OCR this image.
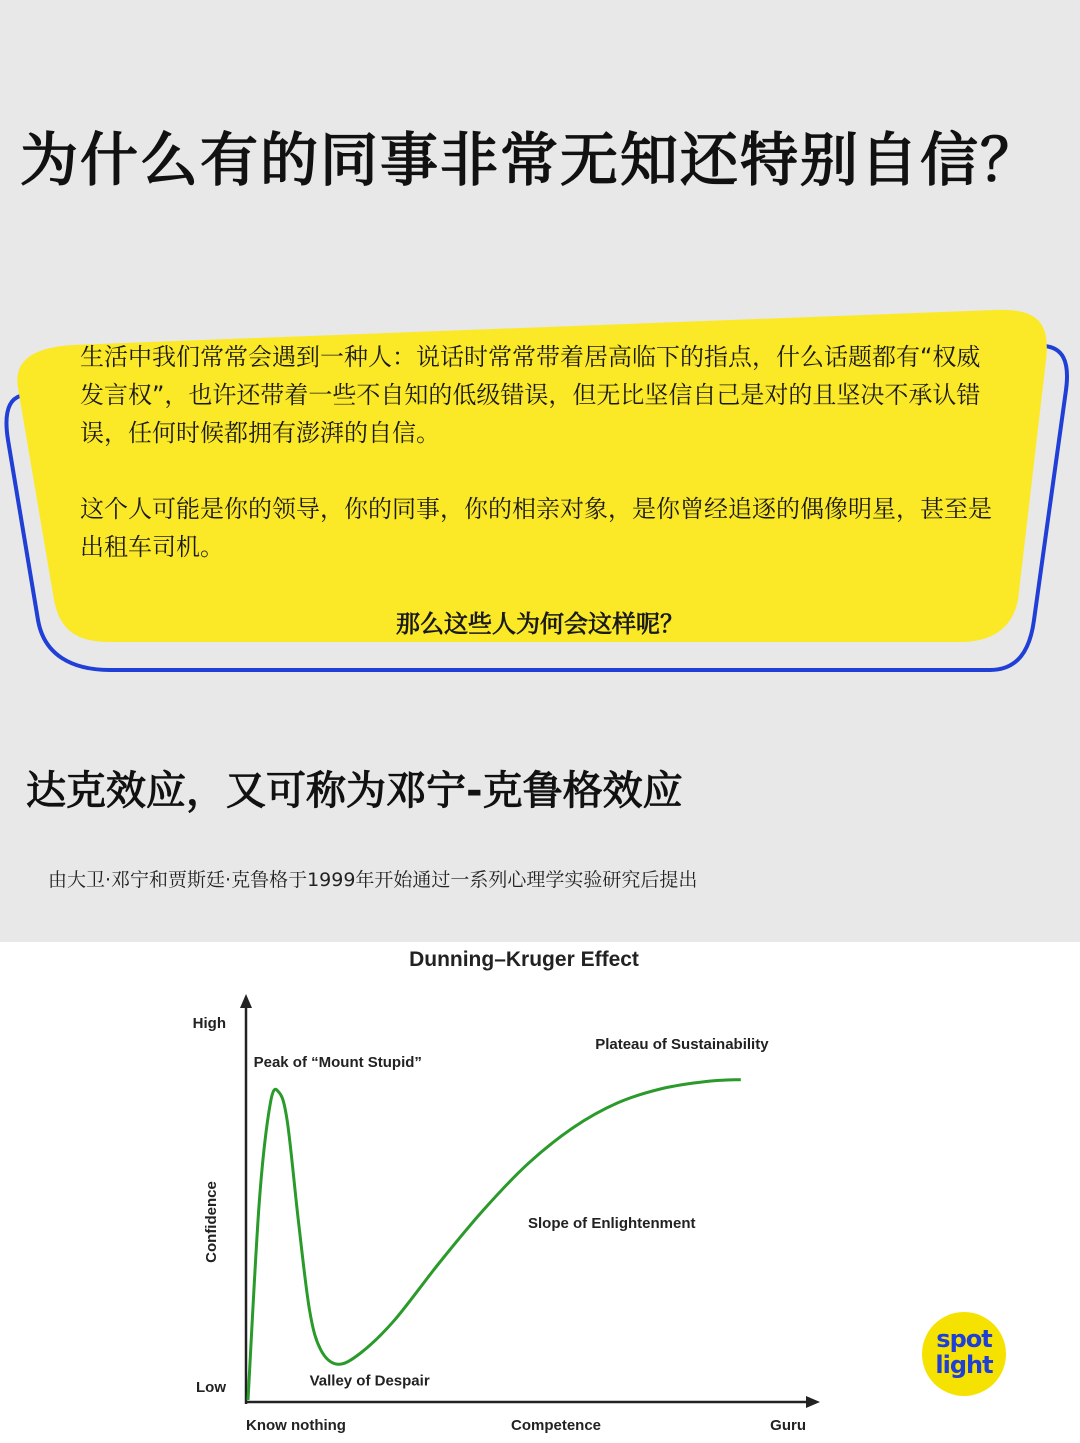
为什么有的同事非常无知还特别自信？

生活中我们常常会遇到一种人：说话时常常带着居高临下的指点，什么话题都有“权威发言权”，也许还带着一些不自知的低级错误，但无比坚信自己是对的且坚决不承认错误，任何时候都拥有澎湃的自信。

这个人可能是你的领导，你的同事，你的相亲对象，是你曾经追逐的偶像明星，甚至是出租车司机。

那么这些人为何会这样呢？
达克效应，又可称为邓宁-克鲁格效应
由大卫·邓宁和贾斯廷·克鲁格于1999年开始通过一系列心理学实验研究后提出
Dunning–Kruger Effect
High
Low
Confidence
Know nothing	Competence	Guru
Peak of “Mount Stupid”
Valley of Despair
Slope of Enlightenment
Plateau of Sustainability
spot
light
